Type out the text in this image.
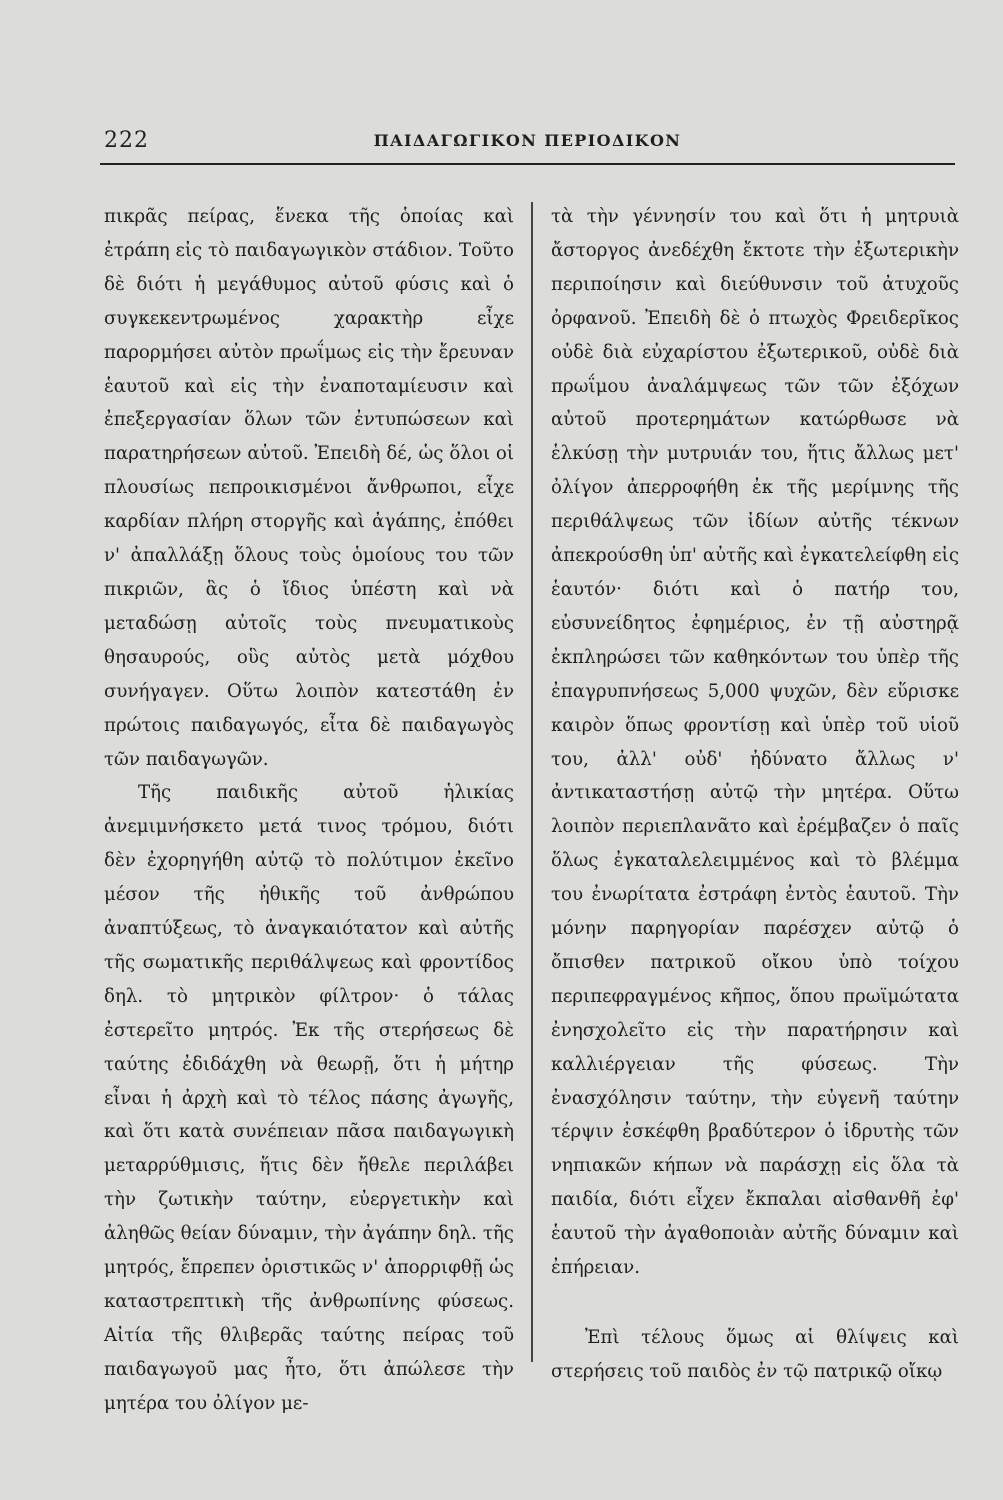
222	ΠΑΙΔΑΓΩΓΙΚΟΝ ΠΕΡΙΟΔΙΚΟΝ

πικρᾶς πείρας, ἕνεκα τῆς ὁποίας καὶ ἐτράπη εἰς τὸ παιδαγωγικὸν στάδιον. Τοῦτο δὲ διότι ἡ μεγάθυμος αὐτοῦ φύσις καὶ ὁ συγκεκεντρωμένος χαρακτὴρ εἶχε παρορμήσει αὐτὸν πρωΐμως εἰς τὴν ἔρευναν ἑαυτοῦ καὶ εἰς τὴν ἐναποταμίευσιν καὶ ἐπεξεργασίαν ὅλων τῶν ἐντυπώσεων καὶ παρατηρήσεων αὐτοῦ. Ἐπειδὴ δέ, ὡς ὅλοι οἱ πλουσίως πεπροικισμένοι ἄνθρωποι, εἶχε καρδίαν πλήρη στοργῆς καὶ ἀγάπης, ἐπόθει ν' ἀπαλλάξῃ ὅλους τοὺς ὁμοίους του τῶν πικριῶν, ἃς ὁ ἴδιος ὑπέστη καὶ νὰ μεταδώσῃ αὐτοῖς τοὺς πνευματικοὺς θησαυρούς, οὓς αὐτὸς μετὰ μόχθου συνήγαγεν. Οὕτω λοιπὸν κατεστάθη ἐν πρώτοις παιδαγωγός, εἶτα δὲ παιδαγωγὸς τῶν παιδαγωγῶν.

Τῆς παιδικῆς αὐτοῦ ἡλικίας ἀνεμιμνήσκετο μετά τινος τρόμου, διότι δὲν ἐχορηγήθη αὐτῷ τὸ πολύτιμον ἐκεῖνο μέσον τῆς ἠθικῆς τοῦ ἀνθρώπου ἀναπτύξεως, τὸ ἀναγκαιότατον καὶ αὐτῆς τῆς σωματικῆς περιθάλψεως καὶ φροντίδος δηλ. τὸ μητρικὸν φίλτρον· ὁ τάλας ἐστερεῖτο μητρός. Ἐκ τῆς στερήσεως δὲ ταύτης ἐδιδάχθη νὰ θεωρῇ, ὅτι ἡ μήτηρ εἶναι ἡ ἀρχὴ καὶ τὸ τέλος πάσης ἀγωγῆς, καὶ ὅτι κατὰ συνέπειαν πᾶσα παιδαγωγικὴ μεταρρύθμισις, ἥτις δὲν ἤθελε περιλάβει τὴν ζωτικὴν ταύτην, εὐεργετικὴν καὶ ἀληθῶς θείαν δύναμιν, τὴν ἀγάπην δηλ. τῆς μητρός, ἔπρεπεν ὁριστικῶς ν' ἀπορριφθῇ ὡς καταστρεπτικὴ τῆς ἀνθρωπίνης φύσεως. Αἰτία τῆς θλιβερᾶς ταύτης πείρας τοῦ παιδαγωγοῦ μας ἦτο, ὅτι ἀπώλεσε τὴν μητέρα του ὀλίγον με-

τὰ τὴν γέννησίν του καὶ ὅτι ἡ μητρυιὰ ἄστοργος ἀνεδέχθη ἔκτοτε τὴν ἐξωτερικὴν περιποίησιν καὶ διεύθυνσιν τοῦ ἀτυχοῦς ὀρφανοῦ. Ἐπειδὴ δὲ ὁ πτωχὸς Φρειδερῖκος οὐδὲ διὰ εὐχαρίστου ἐξωτερικοῦ, οὐδὲ διὰ πρωΐμου ἀναλάμψεως τῶν τῶν ἐξόχων αὐτοῦ προτερημάτων κατώρθωσε νὰ ἑλκύσῃ τὴν μυτρυιάν του, ἥτις ἄλλως μετ' ὀλίγον ἀπερροφήθη ἐκ τῆς μερίμνης τῆς περιθάλψεως τῶν ἰδίων αὐτῆς τέκνων ἀπεκρούσθη ὑπ' αὐτῆς καὶ ἐγκατελείφθη εἰς ἑαυτόν· διότι καὶ ὁ πατήρ του, εὐσυνείδητος ἐφημέριος, ἐν τῇ αὐστηρᾷ ἐκπληρώσει τῶν καθηκόντων του ὑπὲρ τῆς ἐπαγρυπνήσεως 5,000 ψυχῶν, δὲν εὕρισκε καιρὸν ὅπως φροντίσῃ καὶ ὑπὲρ τοῦ υἱοῦ του, ἀλλ' οὐδ' ἠδύνατο ἄλλως ν' ἀντικαταστήσῃ αὐτῷ τὴν μητέρα. Οὕτω λοιπὸν περιεπλανᾶτο καὶ ἐρέμβαζεν ὁ παῖς ὅλως ἐγκαταλελειμμένος καὶ τὸ βλέμμα του ἐνωρίτατα ἐστράφη ἐντὸς ἑαυτοῦ. Τὴν μόνην παρηγορίαν παρέσχεν αὐτῷ ὁ ὄπισθεν πατρικοῦ οἴκου ὑπὸ τοίχου περιπεφραγμένος κῆπος, ὅπου πρωϊμώτατα ἐνησχολεῖτο εἰς τὴν παρατήρησιν καὶ καλλιέργειαν τῆς φύσεως. Τὴν ἐνασχόλησιν ταύτην, τὴν εὐγενῆ ταύτην τέρψιν ἐσκέφθη βραδύτερον ὁ ἱδρυτὴς τῶν νηπιακῶν κήπων νὰ παράσχῃ εἰς ὅλα τὰ παιδία, διότι εἶχεν ἔκπαλαι αἰσθανθῆ ἐφ' ἑαυτοῦ τὴν ἀγαθοποιὰν αὐτῆς δύναμιν καὶ ἐπήρειαν.

Ἐπὶ τέλους ὅμως αἱ θλίψεις καὶ στερήσεις τοῦ παιδὸς ἐν τῷ πατρικῷ οἴκῳ
